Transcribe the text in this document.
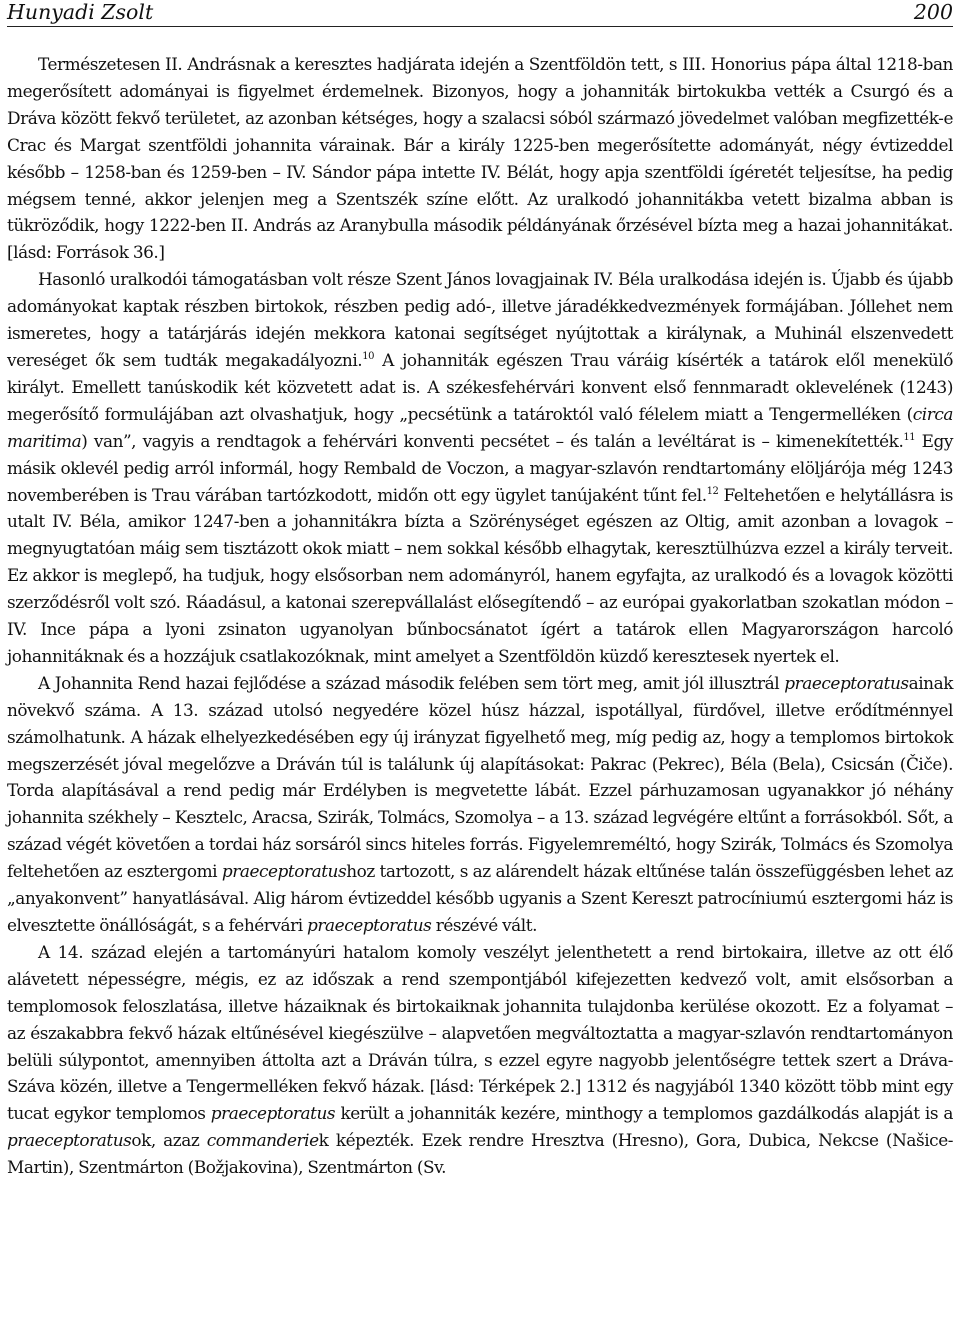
Hunyadi Zsolt	200

Természetesen II. Andrásnak a keresztes hadjárata idején a Szentföldön tett, s III. Honorius pápa által 1218-ban megerősített adományai is figyelmet érdemelnek. Bizonyos, hogy a johanniták birtokukba vették a Csurgó és a Dráva között fekvő területet, az azonban kétséges, hogy a szalacsi sóból származó jövedelmet valóban megfizették-e Crac és Margat szentföldi johannita várainak. Bár a király 1225-ben megerősítette adományát, négy évtizeddel később – 1258-ban és 1259-ben – IV. Sándor pápa intette IV. Bélát, hogy apja szentföldi ígéretét teljesítse, ha pedig mégsem tenné, akkor jelenjen meg a Szentszék színe előtt. Az uralkodó johannitákba vetett bizalma abban is tükröződik, hogy 1222-ben II. András az Aranybulla második példányának őrzésével bízta meg a hazai johannitákat. [lásd: Források 36.]

Hasonló uralkodói támogatásban volt része Szent János lovagjainak IV. Béla uralkodása idején is. Újabb és újabb adományokat kaptak részben birtokok, részben pedig adó-, illetve járadékkedvezmények formájában. Jóllehet nem ismeretes, hogy a tatárjárás idején mekkora katonai segítséget nyújtottak a királynak, a Muhinál elszenvedett vereséget ők sem tudták megakadályozni.$^{10}$ A johanniták egészen Trau váráig kísérték a tatárok elől menekülő királyt. Emellett tanúskodik két közvetett adat is. A székesfehérvári konvent első fennmaradt oklevelének (1243) megerősítő formulájában azt olvashatjuk, hogy „pecsétünk a tatároktól való félelem miatt a Tengermelléken (circa maritima) van”, vagyis a rendtagok a fehérvári konventi pecsétet – és talán a levéltárat is – kimenekítették.$^{11}$ Egy másik oklevél pedig arról informál, hogy Rembald de Voczon, a magyar-szlavón rendtartomány elöljárója még 1243 novemberében is Trau várában tartózkodott, midőn ott egy ügylet tanújaként tűnt fel.$^{12}$ Feltehetően e helytállásra is utalt IV. Béla, amikor 1247-ben a johannitákra bízta a Szörénységet egészen az Oltig, amit azonban a lovagok – megnyugtatóan máig sem tisztázott okok miatt – nem sokkal később elhagytak, keresztülhúzva ezzel a király terveit. Ez akkor is meglepő, ha tudjuk, hogy elsősorban nem adományról, hanem egyfajta, az uralkodó és a lovagok közötti szerződésről volt szó. Ráadásul, a katonai szerepvállalást elősegítendő – az európai gyakorlatban szokatlan módon – IV. Ince pápa a lyoni zsinaton ugyanolyan bűnbocsánatot ígért a tatárok ellen Magyarországon harcoló johannitáknak és a hozzájuk csatlakozóknak, mint amelyet a Szentföldön küzdő keresztesek nyertek el.

A Johannita Rend hazai fejlődése a század második felében sem tört meg, amit jól illusztrál praeceptoratusainak növekvő száma. A 13. század utolsó negyedére közel húsz házzal, ispotállyal, fürdővel, illetve erődítménnyel számolhatunk. A házak elhelyezkedésében egy új irányzat figyelhető meg, míg pedig az, hogy a templomos birtokok megszerzését jóval megelőzve a Dráván túl is találunk új alapításokat: Pakrac (Pekrec), Béla (Bela), Csicsán (Čiče). Torda alapításával a rend pedig már Erdélyben is megvetette lábát. Ezzel párhuzamosan ugyanakkor jó néhány johannita székhely – Kesztelc, Aracsa, Szirák, Tolmács, Szomolya – a 13. század legvégére eltűnt a forrásokból. Sőt, a század végét követően a tordai ház sorsáról sincs hiteles forrás. Figyelemreméltó, hogy Szirák, Tolmács és Szomolya feltehetően az esztergomi praeceptoratushoz tartozott, s az alárendelt házak eltűnése talán összefüggésben lehet az „anyakonvent” hanyatlásával. Alig három évtizeddel később ugyanis a Szent Kereszt patrocíniumú esztergomi ház is elvesztette önállóságát, s a fehérvári praeceptoratus részévé vált.

A 14. század elején a tartományúri hatalom komoly veszélyt jelenthetett a rend birtokaira, illetve az ott élő alávetett népességre, mégis, ez az időszak a rend szempontjából kifejezetten kedvező volt, amit elsősorban a templomosok feloszlatása, illetve házaiknak és birtokaiknak johannita tulajdonba kerülése okozott. Ez a folyamat – az északabbra fekvő házak eltűnésével kiegészülve – alapvetően megváltoztatta a magyar-szlavón rendtartományon belüli súlypontot, amennyiben áttolta azt a Dráván túlra, s ezzel egyre nagyobb jelentőségre tettek szert a Dráva-Száva közén, illetve a Tengermelléken fekvő házak. [lásd: Térképek 2.] 1312 és nagyjából 1340 között több mint egy tucat egykor templomos praeceptoratus került a johanniták kezére, minthogy a templomos gazdálkodás alapját is a praeceptoratusok, azaz commanderiek képezték. Ezek rendre Hresztva (Hresno), Gora, Dubica, Nekcse (Našice-Martin), Szentmárton (Božjakovina), Szentmárton (Sv.
